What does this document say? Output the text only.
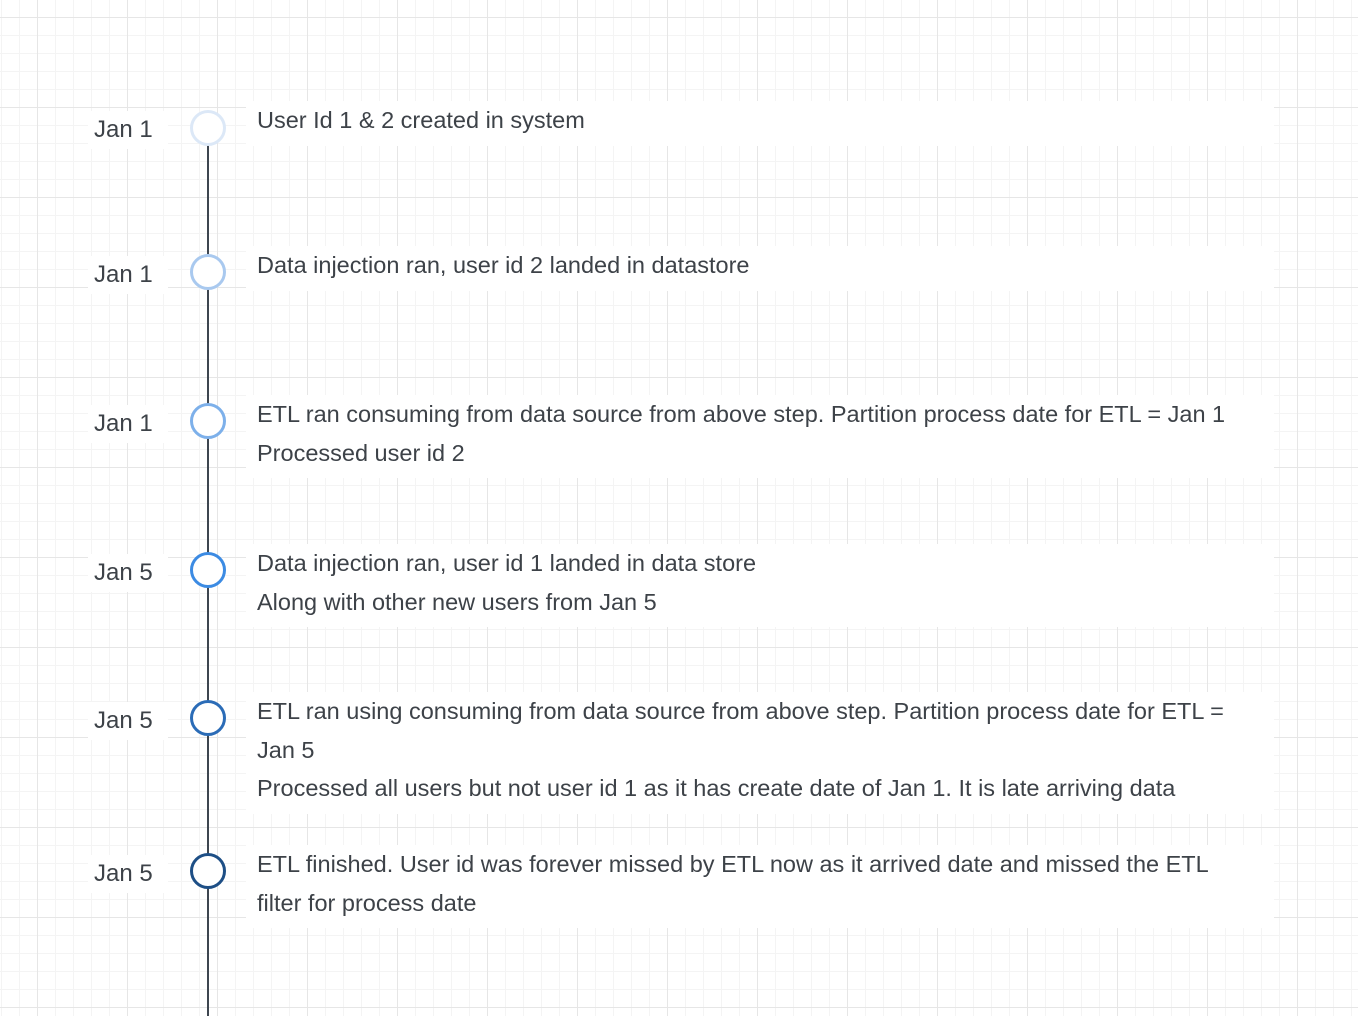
Jan 1	User Id 1 & 2 created in system
Jan 1	Data injection ran, user id 2 landed in datastore
Jan 1	ETL ran consuming from data source from above step. Partition process date for ETL = Jan 1
Processed user id 2
Jan 5	Data injection ran, user id 1 landed in data store
Along with other new users from Jan 5
Jan 5	ETL ran using consuming from data source from above step. Partition process date for ETL =
Jan 5
Processed all users but not user id 1 as it has create date of Jan 1. It is late arriving data
Jan 5	ETL finished. User id was forever missed by ETL now as it arrived date and missed the ETL
filter for process date
